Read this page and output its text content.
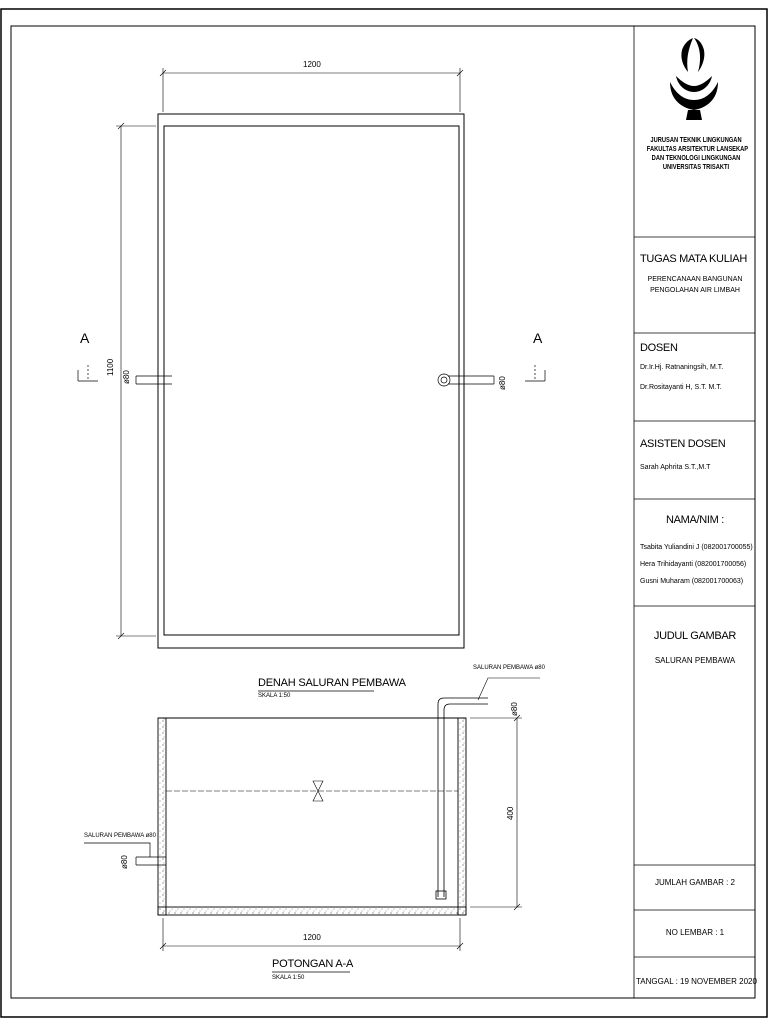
1200
1100
ø80	ø80
A	A
DENAH SALURAN PEMBAWA
SKALA 1:50
SALURAN PEMBAWA ø80
ø80
SALURAN PEMBAWA ø80
ø80
400
1200
POTONGAN A-A
SKALA 1:50
JURUSAN TEKNIK LINGKUNGAN
FAKULTAS ARSITEKTUR LANSEKAP
DAN TEKNOLOGI LINGKUNGAN
UNIVERSITAS TRISAKTI
TUGAS MATA KULIAH
PERENCANAAN BANGUNAN
PENGOLAHAN AIR LIMBAH
DOSEN
Dr.Ir.Hj. Ratnaningsih, M.T.
Dr.Rositayanti H, S.T. M.T.
ASISTEN DOSEN
Sarah Aphrita S.T.,M.T
NAMA/NIM :
Tsabita Yuliandini J (082001700055)
Hera Trihidayanti (082001700056)
Gusni Muharam (082001700063)
JUDUL GAMBAR
SALURAN PEMBAWA
JUMLAH GAMBAR : 2
NO LEMBAR : 1
TANGGAL : 19 NOVEMBER 2020
